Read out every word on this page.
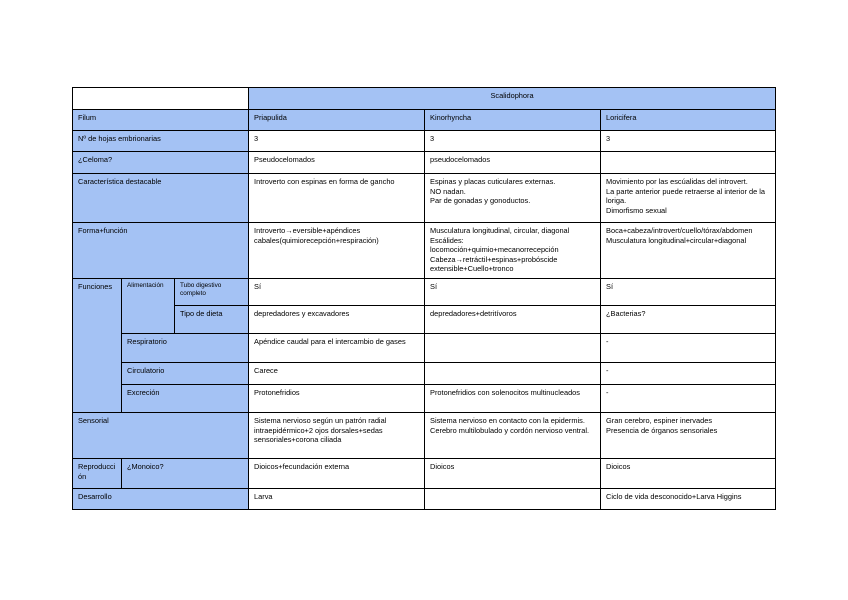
			Scalidophora		
Filum			Priapulida	Kinorhyncha	Loricifera
Nº de hojas embrionarias			3	3	3
¿Celoma?			Pseudocelomados	pseudocelomados	
Característica destacable			Introverto con espinas en forma de gancho	Espinas y placas cuticulares externas.
NO nadan.
Par de gonadas y gonoductos.	Movimiento por las escúalidas del introvert.
La parte anterior puede retraerse al interior de la loriga.
Dimorfismo sexual
Forma+función			Introverto→eversible+apéndices cabales(quimiorecepción+respiración)	Musculatura longitudinal, circular, diagonal
Escálides:
locomoción+quimio+mecanorrecepción
Cabeza→retráctil+espinas+probóscide extensible+Cuello+tronco	Boca+cabeza/introvert/cuello/tórax/abdomen
Musculatura longitudinal+circular+diagonal
Funciones	Alimentación	Tubo digestivo completo	Sí	Sí	Sí
		Tipo de dieta	depredadores y excavadores	depredadores+detritívoros	¿Bacterias?
	Respiratorio		Apéndice caudal para el intercambio de gases		-
	Circulatorio		Carece		-
	Excreción		Protonefridios	Protonefridios con solenocitos multinucleados	-
Sensorial			Sistema nervioso según un patrón radial intraepidérmico+2 ojos dorsales+sedas sensoriales+corona ciliada	Sistema nervioso en contacto con la epidermis.
Cerebro multilobulado y cordón nervioso ventral.	Gran cerebro, espiner inervades
Presencia de órganos sensoriales
Reproducción	¿Monoico?		Dioicos+fecundación externa	Dioicos	Dioicos
Desarrollo			Larva		Ciclo de vida desconocido+Larva Higgins
